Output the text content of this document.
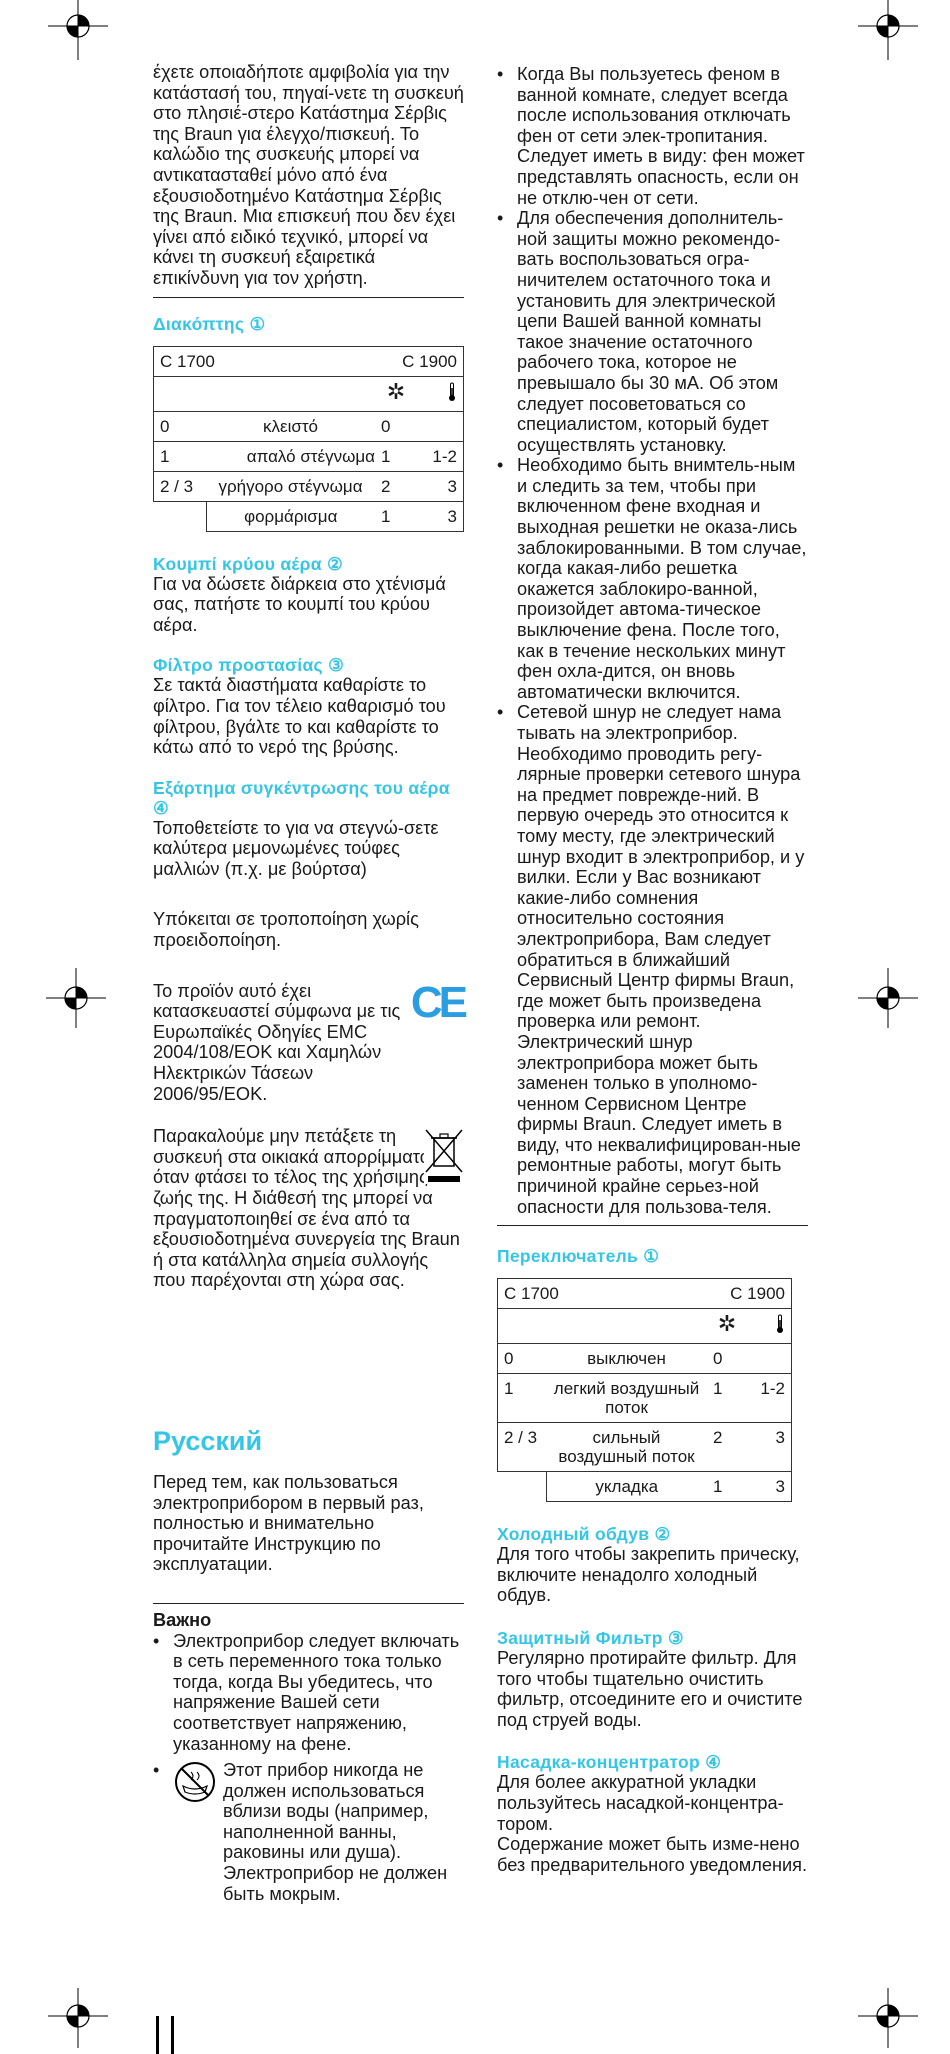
έχετε οποιαδήποτε αμφιβολία για την κατάστασή του, πηγαί-νετε τη συσκευή στο πλησιέ-στερο Κατάστημα Σέρβις της Braun για έλεγχο/πισκευή. Το καλώδιο της συσκευής μπορεί να αντικατασταθεί μόνο από ένα εξουσιοδοτημένο Κατάστημα Σέρβις της Braun. Μια επισκευή που δεν έχει γίνει από ειδικό τεχνικό, μπορεί να κάνει τη συσκευή εξαιρετικά επικίνδυνη για τον χρήστη.

Διακόπτης ①

C 1700		C 1900	
		✲	
0	κλειστό	0	
1	απαλό στέγνωμα	1	1-2
2 / 3	γρήγορο στέγνωμα	2	3
	φορμάρισμα	1	3

Κουμπί κρύου αέρα ②

Για να δώσετε διάρκεια στο χτένισμά σας, πατήστε το κουμπί του κρύου αέρα.

Φίλτρο προστασίας ③

Σε τακτά διαστήματα καθαρίστε το φίλτρο. Για τον τέλειο καθαρισμό του φίλτρου, βγάλτε το και καθαρίστε το κάτω από το νερό της βρύσης.

Εξάρτημα συγκέντρωσης του αέρα ④

Τοποθετείστε το για να στεγνώ-σετε καλύτερα μεμονωμένες τούφες μαλλιών (π.χ. με βούρτσα)

Υπόκειται σε τροποποίηση χωρίς προειδοποίηση.

Το προϊόν αυτό έχει κατασκευαστεί σύμφωνα με τις Ευρωπαϊκές Οδηγίες EMC 2004/108/EOK και Χαμηλών Ηλεκτρικών Τάσεων 2006/95/EOK.

CE

Παρακαλούμε μην πετάξετε τη συσκευή στα οικιακά απορρίμματα όταν φτάσει το τέλος της χρήσιμης ζωής της. Η διάθεσή της μπορεί να πραγματοποιηθεί σε ένα από τα εξουσιοδοτημένα συνεργεία της Braun ή στα κατάλληλα σημεία συλλογής που παρέχονται στη χώρα σας.

Русский

Перед тем, как пользоваться электроприбором в первый раз, полностью и внимательно прочитайте Инструкцию по эксплуатации.

Важно

• Электроприбор следует включать в сеть переменного тока только тогда, когда Вы убедитесь, что напряжение Вашей сети соответствует напряжению, указанному на фене.
•	Этот прибор никогда не должен использоваться вблизи воды (например, наполненной ванны, раковины или душа). Электроприбор не должен быть мокрым.
• Когда Вы пользуетесь феном в ванной комнате, следует всегда после использования отключать фен от сети элек-тропитания. Следует иметь в виду: фен может представлять опасность, если он не отклю-чен от сети.
• Для обеспечения дополнитель-ной защиты можно рекомендо-вать воспользоваться огра-ничителем остаточного тока и установить для электрической цепи Вашей ванной комнаты такое значение остаточного рабочего тока, которое не превышало бы 30 мА. Об этом следует посоветоваться со специалистом, который будет осуществлять установку.
• Необходимо быть внимтель-ным и следить за тем, чтобы при включенном фене входная и выходная решетки не оказа-лись заблокированными. В том случае, когда какая-либо решетка окажется заблокиро-ванной, произойдет автома-тическое выключение фена. После того, как в течение нескольких минут фен охла-дится, он вновь автоматически включится.
• Сетевой шнур не следует нама тывать на электроприбор. Необходимо проводить регу-лярные проверки сетевого шнура на предмет поврежде-ний. В первую очередь это относится к тому месту, где электрический шнур входит в электроприбор, и у вилки. Если у Вас возникают какие-либо сомнения относительно состояния электроприбора, Вам следует обратиться в ближайший Сервисный Центр фирмы Braun, где может быть произведена проверка или ремонт. Электрический шнур электроприбора может быть заменен только в уполномо-ченном Сервисном Центре фирмы Braun. Следует иметь в виду, что неквалифицирован-ные ремонтные работы, могут быть причиной крайне серьез-ной опасности для пользова-теля.

Переключатель ①

C 1700		C 1900	
		✲	
0	выключен	0	
1	легкий воздушный поток	1	1-2
2 / 3	сильный воздушный поток	2	3
	укладка	1	3

Холодный обдув ②

Для того чтобы закрепить прическу, включите ненадолго холодный обдув.

Защитный Фильтр ③

Регулярно протирайте фильтр. Для того чтобы тщательно очистить фильтр, отсоедините его и очистите под струей воды.

Насадка-концентратор ④

Для более аккуратной укладки пользуйтесь насадкой-концентра-тором.

Содержание может быть изме-нено без предварительного уведомления.
